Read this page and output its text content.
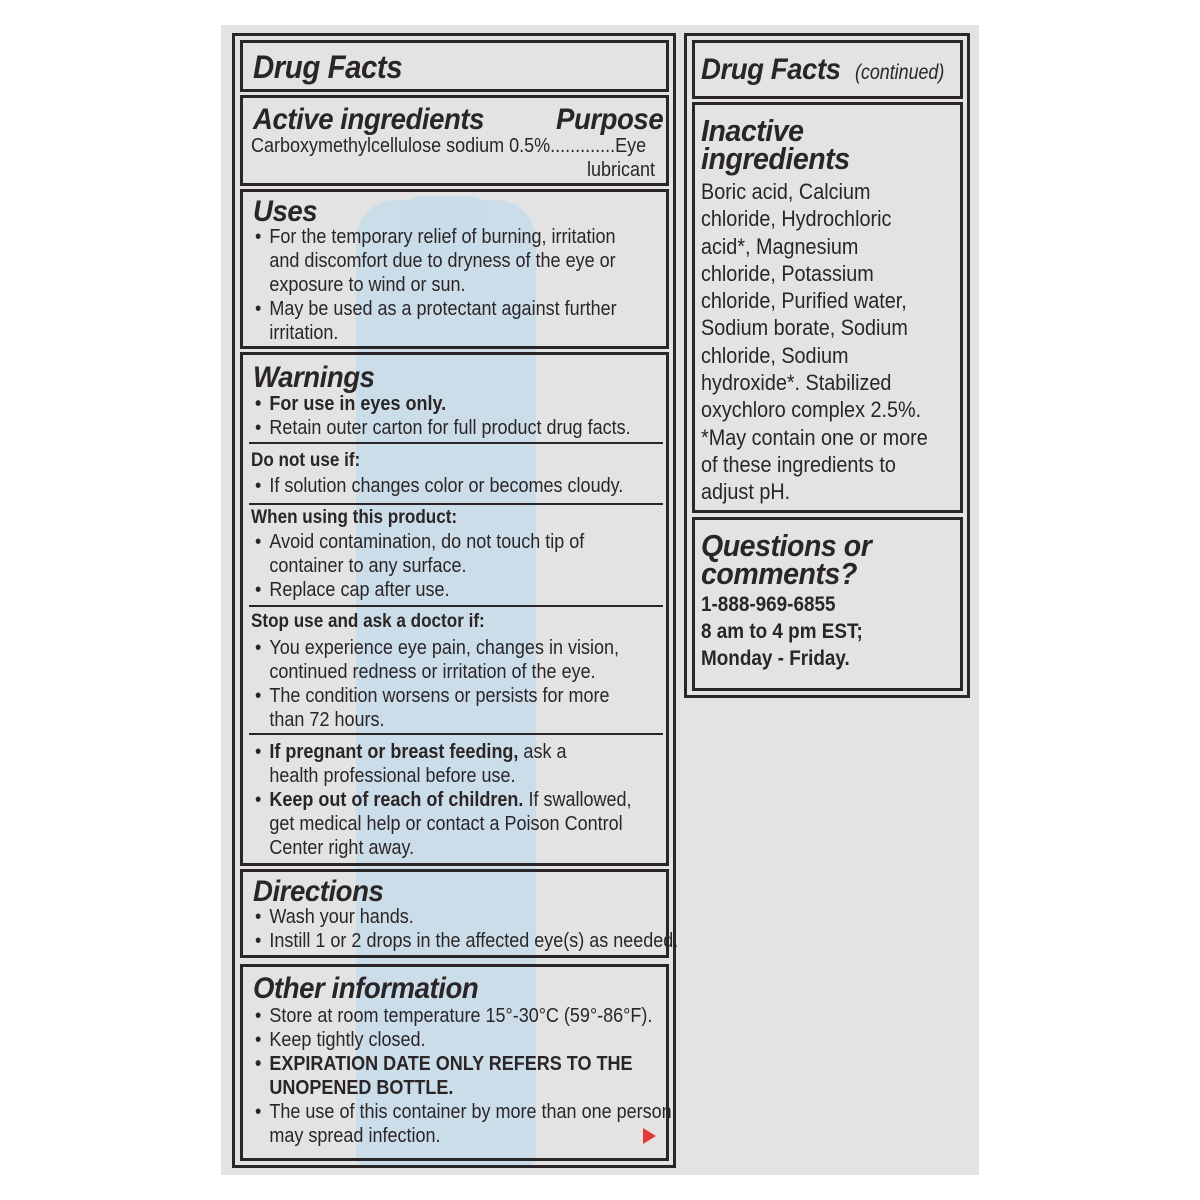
Drug Facts
Active ingredients Purpose
Carboxymethylcellulose sodium 0.5%.............Eye
lubricant
Uses
• For the temporary relief of burning, irritation
and discomfort due to dryness of the eye or
exposure to wind or sun.
• May be used as a protectant against further
irritation.
Warnings
• For use in eyes only.
• Retain outer carton for full product drug facts.
Do not use if:
• If solution changes color or becomes cloudy.
When using this product:
• Avoid contamination, do not touch tip of
container to any surface.
• Replace cap after use.
Stop use and ask a doctor if:
• You experience eye pain, changes in vision,
continued redness or irritation of the eye.
• The condition worsens or persists for more
than 72 hours.
• If pregnant or breast feeding, ask a
health professional before use.
• Keep out of reach of children. If swallowed,
get medical help or contact a Poison Control
Center right away.
Directions
• Wash your hands.
• Instill 1 or 2 drops in the affected eye(s) as needed.
Other information
• Store at room temperature 15°-30°C (59°-86°F).
• Keep tightly closed.
• EXPIRATION DATE ONLY REFERS TO THE
UNOPENED BOTTLE.
• The use of this container by more than one person
may spread infection.
Drug Facts (continued)
Inactive
ingredients
Boric acid, Calcium
chloride, Hydrochloric
acid*, Magnesium
chloride, Potassium
chloride, Purified water,
Sodium borate, Sodium
chloride, Sodium
hydroxide*. Stabilized
oxychloro complex 2.5%.
*May contain one or more
of these ingredients to
adjust pH.
Questions or
comments?
1-888-969-6855
8 am to 4 pm EST;
Monday - Friday.
